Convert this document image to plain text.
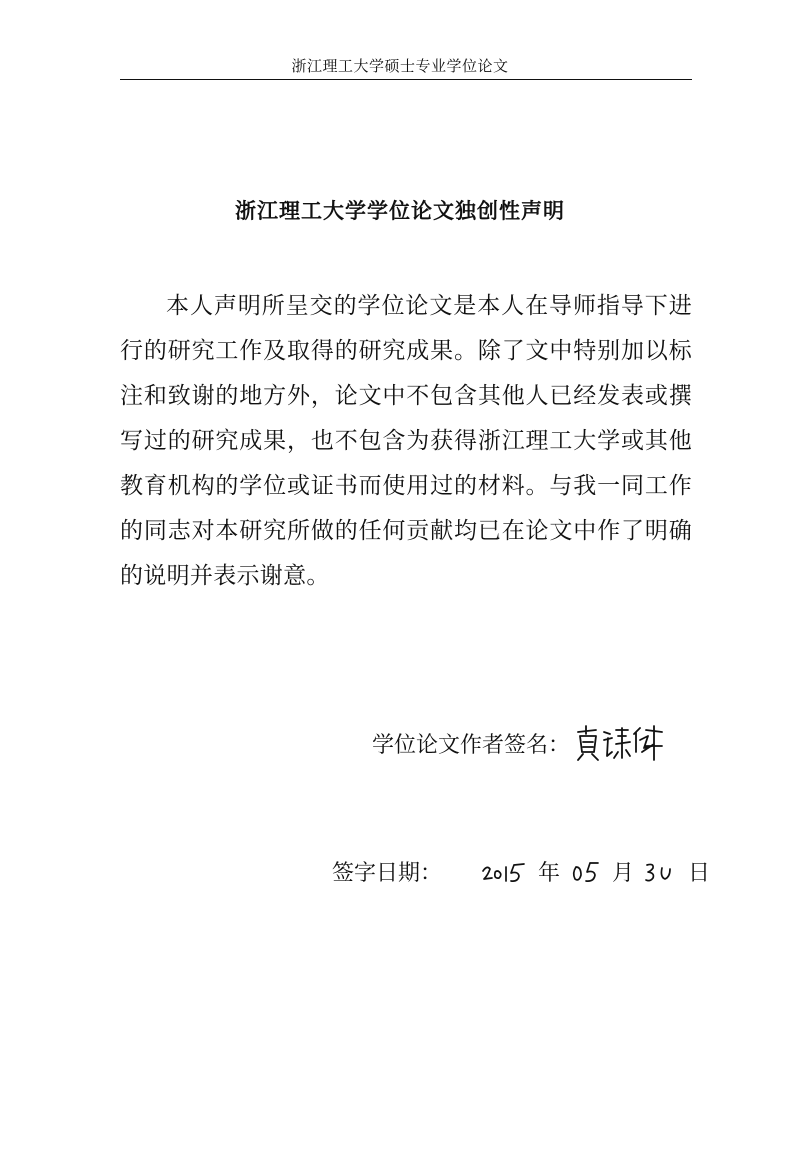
浙江理工大学硕士专业学位论文
浙江理工大学学位论文独创性声明

本人声明所呈交的学位论文是本人在导师指导下进行的研究工作及取得的研究成果。除了文中特别加以标注和致谢的地方外，论文中不包含其他人已经发表或撰写过的研究成果，也不包含为获得浙江理工大学或其他教育机构的学位或证书而使用过的材料。与我一同工作的同志对本研究所做的任何贡献均已在论文中作了明确的说明并表示谢意。

学位论文作者签名：
签字日期：	年 月 日
